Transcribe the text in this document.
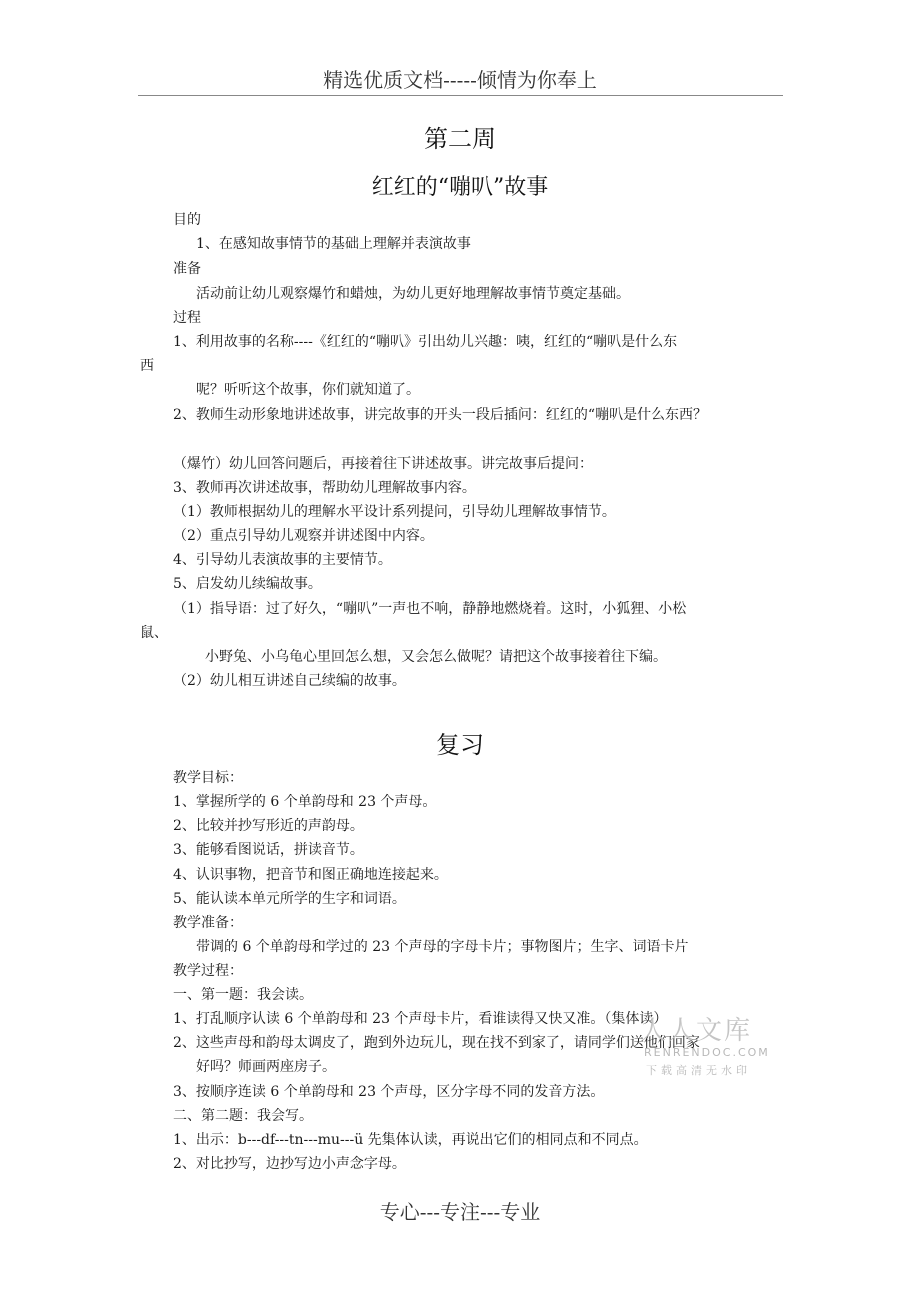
精选优质文档-----倾情为你奉上
第二周
红红的“嘣叭”故事
目的
1、在感知故事情节的基础上理解并表演故事
准备
活动前让幼儿观察爆竹和蜡烛，为幼儿更好地理解故事情节奠定基础。
过程
1、利用故事的名称----《红红的“嘣叭》引出幼儿兴趣：咦，红红的“嘣叭是什么东
西
呢？听听这个故事，你们就知道了。
2、教师生动形象地讲述故事，讲完故事的开头一段后插问：红红的“嘣叭是什么东西？
（爆竹）幼儿回答问题后，再接着往下讲述故事。讲完故事后提问：
3、教师再次讲述故事，帮助幼儿理解故事内容。
（1）教师根据幼儿的理解水平设计系列提问，引导幼儿理解故事情节。
（2）重点引导幼儿观察并讲述图中内容。
4、引导幼儿表演故事的主要情节。
5、启发幼儿续编故事。
（1）指导语：过了好久，“嘣叭”一声也不响，静静地燃烧着。这时，小狐狸、小松
鼠、
小野兔、小乌龟心里回怎么想，又会怎么做呢？请把这个故事接着往下编。
（2）幼儿相互讲述自己续编的故事。
复习
教学目标：
1、掌握所学的 6 个单韵母和 23 个声母。
2、比较并抄写形近的声韵母。
3、能够看图说话，拼读音节。
4、认识事物，把音节和图正确地连接起来。
5、能认读本单元所学的生字和词语。
教学准备：
带调的 6 个单韵母和学过的 23 个声母的字母卡片；事物图片；生字、词语卡片
教学过程：
一、第一题：我会读。
1、打乱顺序认读 6 个单韵母和 23 个声母卡片，看谁读得又快又准。（集体读）
2、这些声母和韵母太调皮了，跑到外边玩儿，现在找不到家了，请同学们送他们回家
好吗？师画两座房子。
3、按顺序连读 6 个单韵母和 23 个声母，区分字母不同的发音方法。
二、第二题：我会写。
1、出示：b---df---tn---mu---ü 先集体认读，再说出它们的相同点和不同点。
2、对比抄写，边抄写边小声念字母。
人人文库
RENRENDOC.COM
下载高清无水印
专心---专注---专业
